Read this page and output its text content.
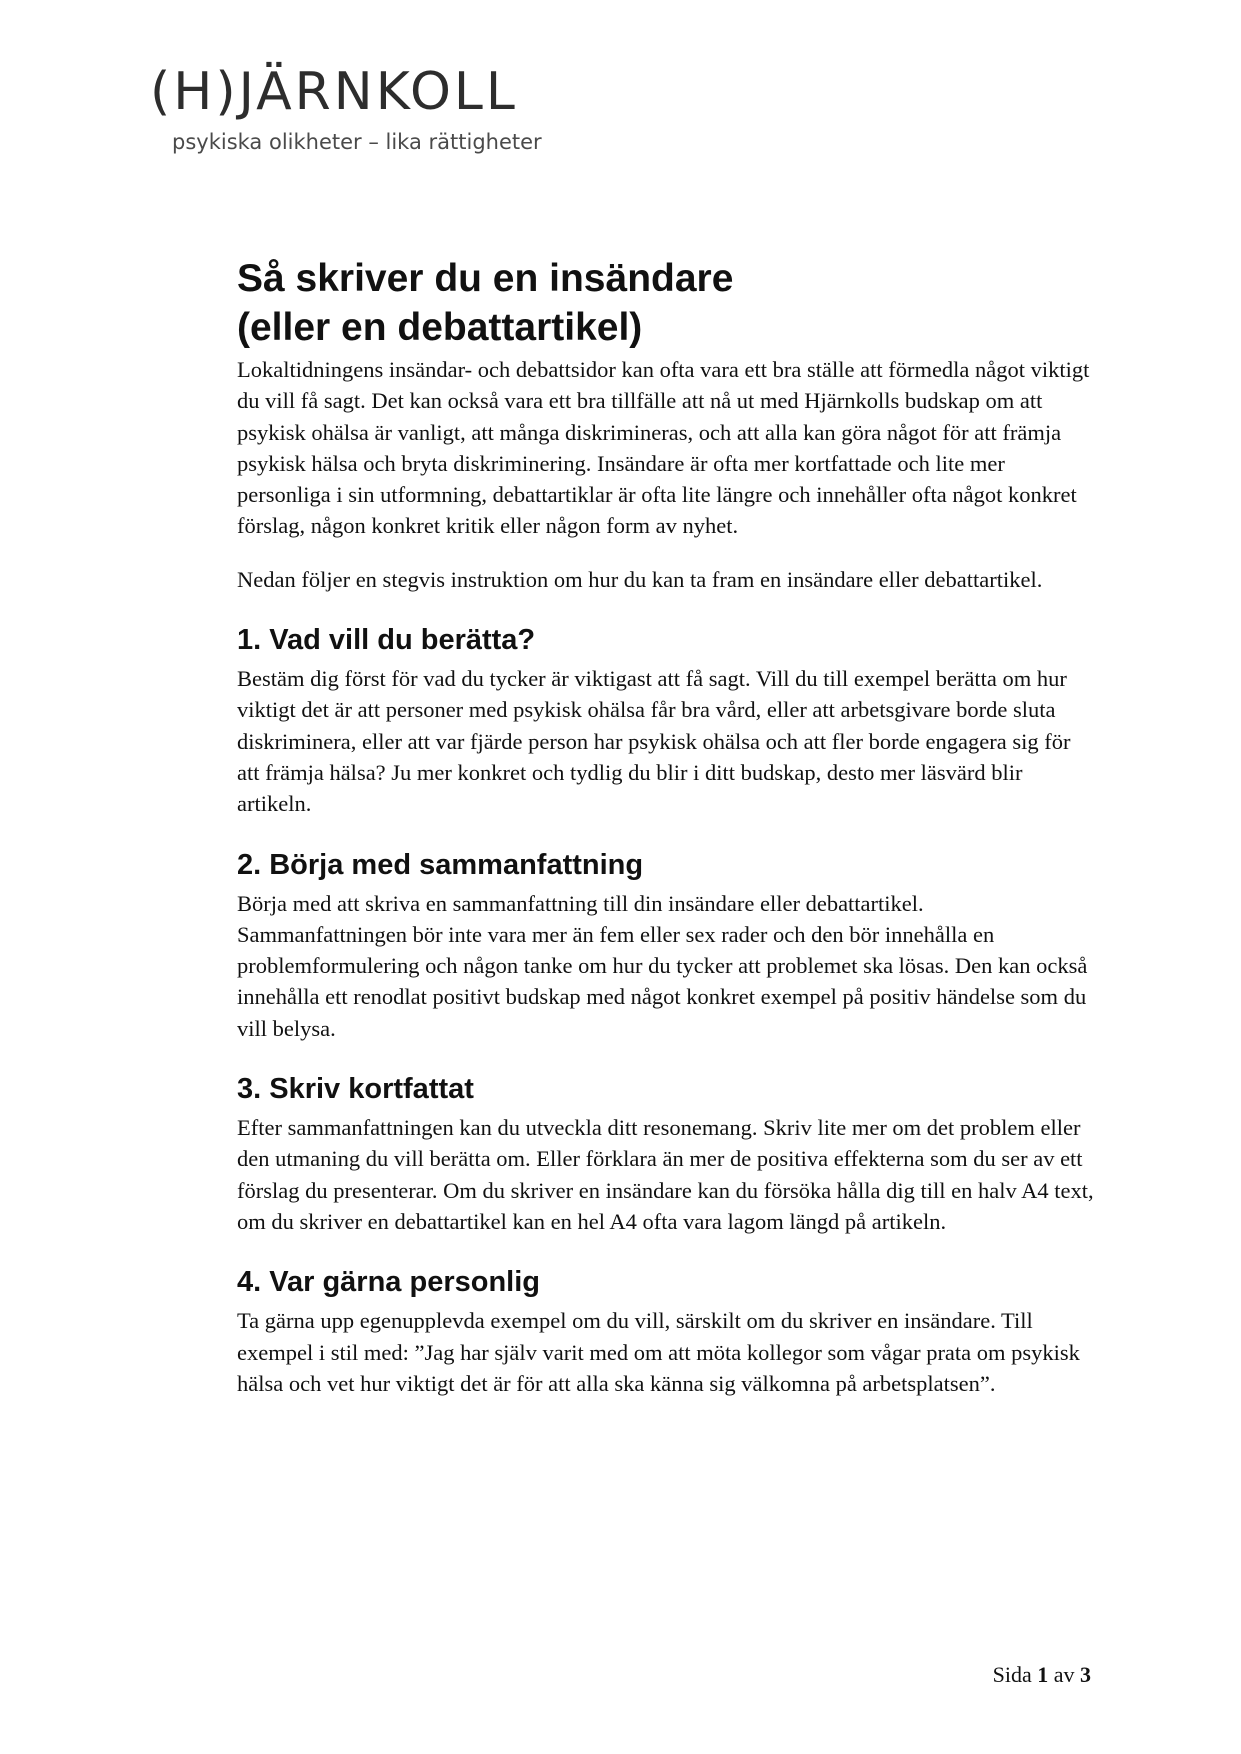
(H)JÄRNKOLL
psykiska olikheter – lika rättigheter
Så skriver du en insändare
(eller en debattartikel)

Lokaltidningens insändar- och debattsidor kan ofta vara ett bra ställe att förmedla något viktigt du vill få sagt. Det kan också vara ett bra tillfälle att nå ut med Hjärnkolls budskap om att psykisk ohälsa är vanligt, att många diskrimineras, och att alla kan göra något för att främja psykisk hälsa och bryta diskriminering. Insändare är ofta mer kortfattade och lite mer personliga i sin utformning, debattartiklar är ofta lite längre och innehåller ofta något konkret förslag, någon konkret kritik eller någon form av nyhet.

Nedan följer en stegvis instruktion om hur du kan ta fram en insändare eller debattartikel.

1. Vad vill du berätta?

Bestäm dig först för vad du tycker är viktigast att få sagt. Vill du till exempel berätta om hur viktigt det är att personer med psykisk ohälsa får bra vård, eller att arbetsgivare borde sluta diskriminera, eller att var fjärde person har psykisk ohälsa och att fler borde engagera sig för att främja hälsa? Ju mer konkret och tydlig du blir i ditt budskap, desto mer läsvärd blir artikeln.

2. Börja med sammanfattning

Börja med att skriva en sammanfattning till din insändare eller debattartikel. Sammanfattningen bör inte vara mer än fem eller sex rader och den bör innehålla en problemformulering och någon tanke om hur du tycker att problemet ska lösas. Den kan också innehålla ett renodlat positivt budskap med något konkret exempel på positiv händelse som du vill belysa.

3. Skriv kortfattat

Efter sammanfattningen kan du utveckla ditt resonemang. Skriv lite mer om det problem eller den utmaning du vill berätta om. Eller förklara än mer de positiva effekterna som du ser av ett förslag du presenterar. Om du skriver en insändare kan du försöka hålla dig till en halv A4 text, om du skriver en debattartikel kan en hel A4 ofta vara lagom längd på artikeln.

4. Var gärna personlig

Ta gärna upp egenupplevda exempel om du vill, särskilt om du skriver en insändare. Till exempel i stil med: ”Jag har själv varit med om att möta kollegor som vågar prata om psykisk hälsa och vet hur viktigt det är för att alla ska känna sig välkomna på arbetsplatsen”.

Sida 1 av 3
